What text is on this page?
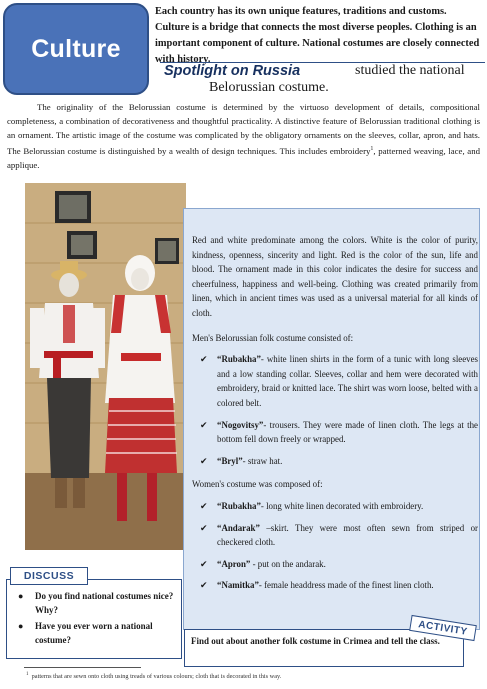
Culture
Each country has its own unique features, traditions and customs. Culture is a bridge that connects the most diverse peoples. Clothing is an important component of culture. National costumes are closely connected with history.
Spotlight on Russia	studied the national
Belorussian costume.
The originality of the Belorussian costume is determined by the virtuoso development of details, compositional completeness, a combination of decorativeness and thoughtful practicality. A distinctive feature of Belorussian traditional clothing is an ornament. The artistic image of the costume was complicated by the obligatory ornaments on the sleeves, collar, apron, and hats. The Belorussian costume is distinguished by a wealth of design techniques. This includes embroidery$^1$, patterned weaving, lace, and applique.

Red and white predominate among the colors. White is the color of purity, kindness, openness, sincerity and light. Red is the color of the sun, life and blood. The ornament made in this color indicates the desire for success and cheerfulness, happiness and well-being. Clothing was created primarily from linen, which in ancient times was used as a universal material for all kinds of cloth.

Men's Belorussian folk costume consisted of:

✔ “Rubakha”- white linen shirts in the form of a tunic with long sleeves and a low standing collar. Sleeves, collar and hem were decorated with embroidery, braid or knitted lace. The shirt was worn loose, belted with a colored belt.
✔ “Nogovitsy”- trousers. They were made of linen cloth. The legs at the bottom fell down freely or wrapped.
✔ “Bryl”- straw hat.

Women's costume was composed of:

✔ “Rubakha”- long white linen decorated with embroidery.
✔ “Andarak” –skirt. They were most often sewn from striped or checkered cloth.
✔ “Apron” - put on the andarak.
✔ “Namitka”- female headdress made of the finest linen cloth.
DISCUSS
● Do you find national costumes nice? Why?
● Have you ever worn a national costume?	Find out about another folk costume in Crimea and tell the class.
ACTIVITY
$^1$ patterns that are sewn onto cloth using treads of various colours; cloth that is decorated in this way.
